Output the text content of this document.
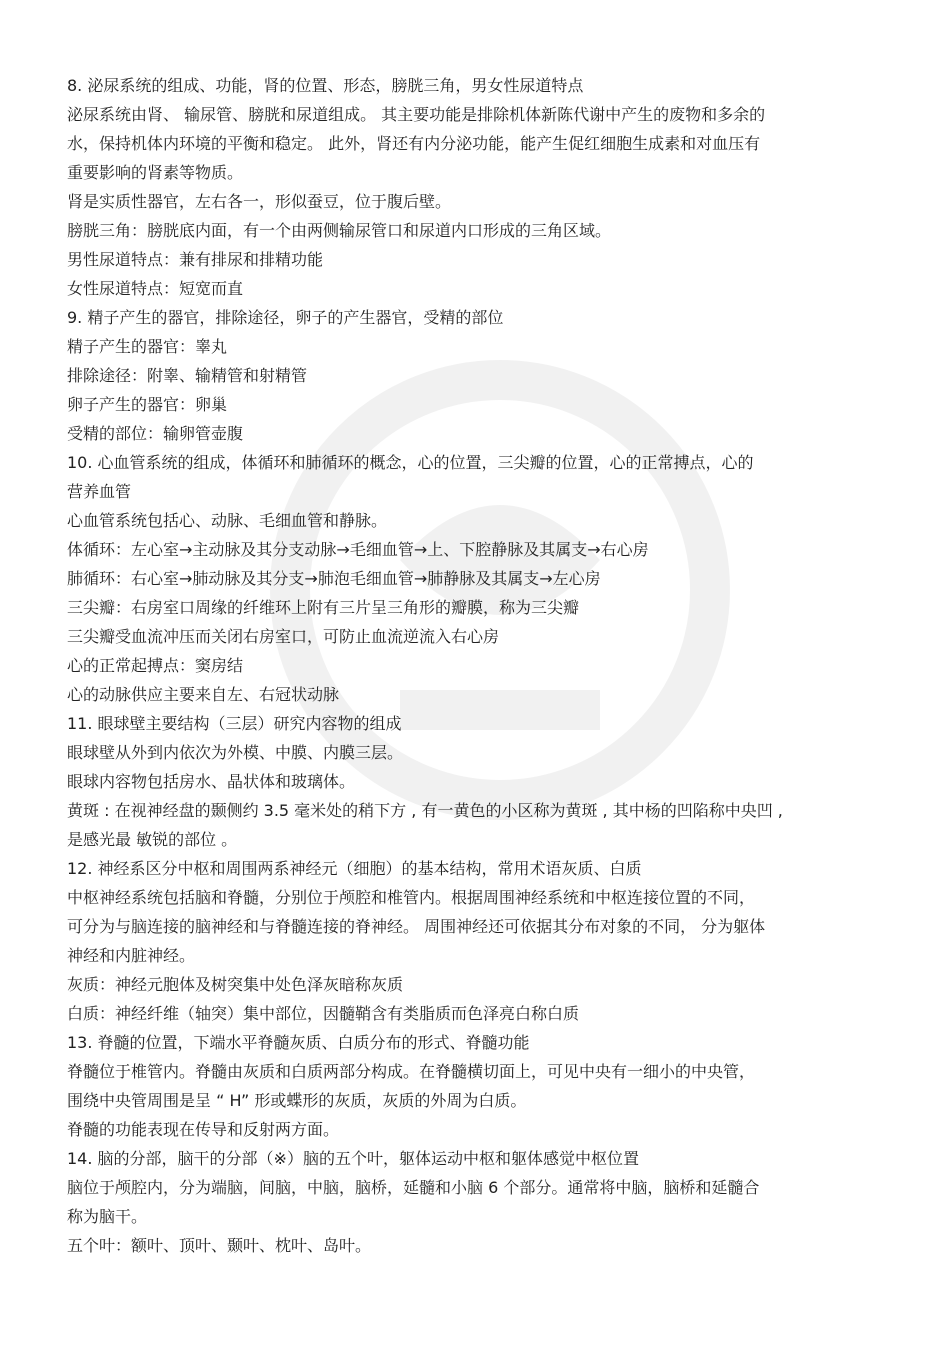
8. 泌尿系统的组成、功能，肾的位置、形态，膀胱三角，男女性尿道特点
泌尿系统由肾、 输尿管、膀胱和尿道组成。 其主要功能是排除机体新陈代谢中产生的废物和多余的
水，保持机体内环境的平衡和稳定。 此外，肾还有内分泌功能，能产生促红细胞生成素和对血压有
重要影响的肾素等物质。
肾是实质性器官，左右各一，形似蚕豆，位于腹后壁。
膀胱三角：膀胱底内面，有一个由两侧输尿管口和尿道内口形成的三角区域。
男性尿道特点：兼有排尿和排精功能
女性尿道特点：短宽而直
9. 精子产生的器官，排除途径，卵子的产生器官，受精的部位
精子产生的器官：睾丸
排除途径：附睾、输精管和射精管
卵子产生的器官：卵巢
受精的部位：输卵管壶腹
10. 心血管系统的组成，体循环和肺循环的概念，心的位置，三尖瓣的位置，心的正常搏点，心的
营养血管
心血管系统包括心、动脉、毛细血管和静脉。
体循环：左心室→主动脉及其分支动脉→毛细血管→上、下腔静脉及其属支→右心房
肺循环：右心室→肺动脉及其分支→肺泡毛细血管→肺静脉及其属支→左心房
三尖瓣：右房室口周缘的纤维环上附有三片呈三角形的瓣膜，称为三尖瓣
三尖瓣受血流冲压而关闭右房室口，可防止血流逆流入右心房
心的正常起搏点：窦房结
心的动脉供应主要来自左、右冠状动脉
11. 眼球壁主要结构（三层）研究内容物的组成
眼球壁从外到内依次为外模、中膜、内膜三层。
眼球内容物包括房水、晶状体和玻璃体。
黄斑 : 在视神经盘的颞侧约 3.5 毫米处的稍下方 , 有一黄色的小区称为黄斑 , 其中杨的凹陷称中央凹 ,
是感光最 敏锐的部位 。
12. 神经系区分中枢和周围两系神经元（细胞）的基本结构，常用术语灰质、白质
中枢神经系统包括脑和脊髓，分别位于颅腔和椎管内。根据周围神经系统和中枢连接位置的不同，
可分为与脑连接的脑神经和与脊髓连接的脊神经。 周围神经还可依据其分布对象的不同， 分为躯体
神经和内脏神经。
灰质：神经元胞体及树突集中处色泽灰暗称灰质
白质：神经纤维（轴突）集中部位，因髓鞘含有类脂质而色泽亮白称白质
13. 脊髓的位置，下端水平脊髓灰质、白质分布的形式、脊髓功能
脊髓位于椎管内。脊髓由灰质和白质两部分构成。在脊髓横切面上，可见中央有一细小的中央管，
围绕中央管周围是呈 “ H” 形或蝶形的灰质，灰质的外周为白质。
脊髓的功能表现在传导和反射两方面。
14. 脑的分部，脑干的分部（※）脑的五个叶，躯体运动中枢和躯体感觉中枢位置
脑位于颅腔内，分为端脑，间脑，中脑，脑桥，延髓和小脑 6 个部分。通常将中脑，脑桥和延髓合
称为脑干。
五个叶：额叶、顶叶、颞叶、枕叶、岛叶。
